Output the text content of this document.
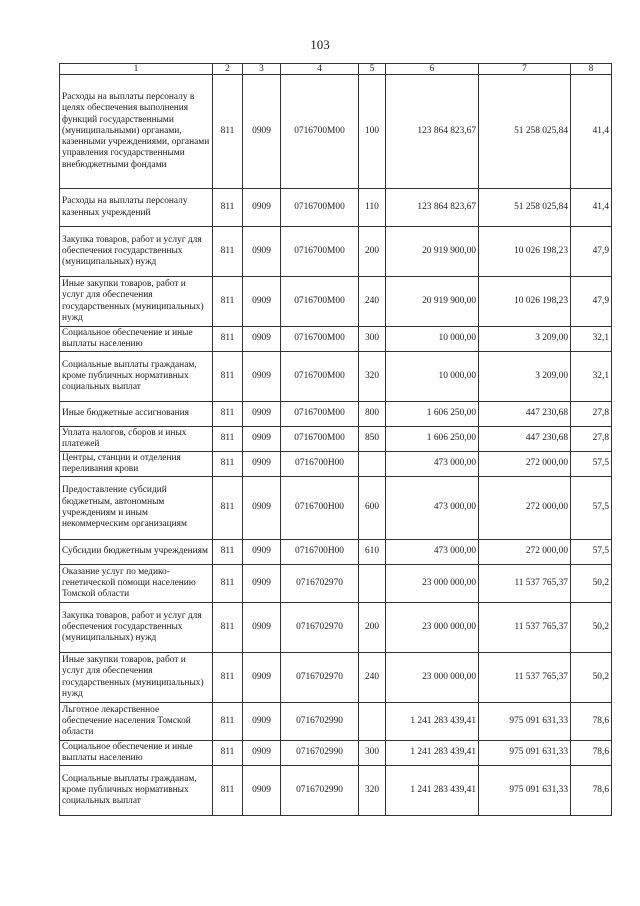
103
1	2	3	4	5	6	7	8
Расходы на выплаты персоналу в целях обеспечения выполнения функций государственными (муниципальными) органами, казенными учреждениями, органами управления государственными внебюджетными фондами	811	0909	0716700М00	100	123 864 823,67	51 258 025,84	41,4
Расходы на выплаты персоналу казенных учреждений	811	0909	0716700М00	110	123 864 823,67	51 258 025,84	41,4
Закупка товаров, работ и услуг для обеспечения государственных (муниципальных) нужд	811	0909	0716700М00	200	20 919 900,00	10 026 198,23	47,9
Иные закупки товаров, работ и услуг для обеспечения государственных (муниципальных) нужд	811	0909	0716700М00	240	20 919 900,00	10 026 198,23	47,9
Социальное обеспечение и иные выплаты населению	811	0909	0716700М00	300	10 000,00	3 209,00	32,1
Социальные выплаты гражданам, кроме публичных нормативных социальных выплат	811	0909	0716700М00	320	10 000,00	3 209,00	32,1
Иные бюджетные ассигнования	811	0909	0716700М00	800	1 606 250,00	447 230,68	27,8
Уплата налогов, сборов и иных платежей	811	0909	0716700М00	850	1 606 250,00	447 230,68	27,8
Центры, станции и отделения переливания крови	811	0909	0716700Н00		473 000,00	272 000,00	57,5
Предоставление субсидий бюджетным, автономным учреждениям и иным некоммерческим организациям	811	0909	0716700Н00	600	473 000,00	272 000,00	57,5
Субсидии бюджетным учреждениям	811	0909	0716700Н00	610	473 000,00	272 000,00	57,5
Оказание услуг по медико-генетической помощи населению Томской области	811	0909	0716702970		23 000 000,00	11 537 765,37	50,2
Закупка товаров, работ и услуг для обеспечения государственных (муниципальных) нужд	811	0909	0716702970	200	23 000 000,00	11 537 765,37	50,2
Иные закупки товаров, работ и услуг для обеспечения государственных (муниципальных) нужд	811	0909	0716702970	240	23 000 000,00	11 537 765,37	50,2
Льготное лекарственное обеспечение населения Томской области	811	0909	0716702990		1 241 283 439,41	975 091 631,33	78,6
Социальное обеспечение и иные выплаты населению	811	0909	0716702990	300	1 241 283 439,41	975 091 631,33	78,6
Социальные выплаты гражданам, кроме публичных нормативных социальных выплат	811	0909	0716702990	320	1 241 283 439,41	975 091 631,33	78,6
